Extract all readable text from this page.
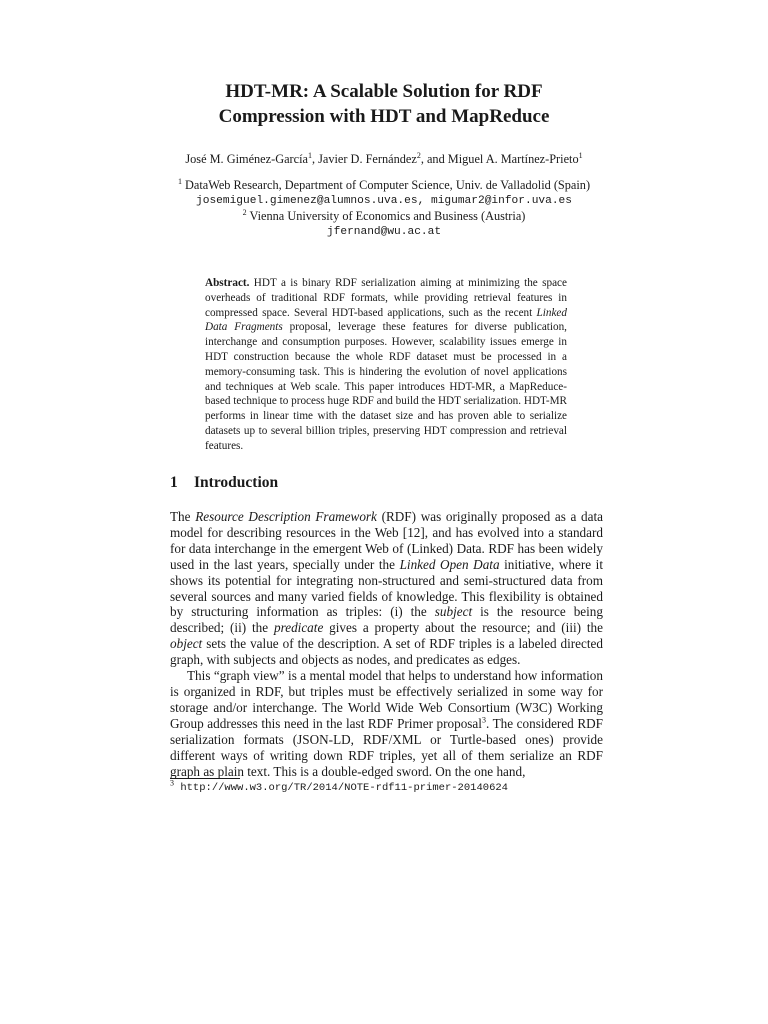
HDT-MR: A Scalable Solution for RDF
Compression with HDT and MapReduce
José M. Giménez-García$^1$, Javier D. Fernández$^2$, and Miguel A. Martínez-Prieto$^1$
$^1$ DataWeb Research, Department of Computer Science, Univ. de Valladolid (Spain)
josemiguel.gimenez@alumnos.uva.es, migumar2@infor.uva.es
$^2$ Vienna University of Economics and Business (Austria)
jfernand@wu.ac.at
Abstract. HDT a is binary RDF serialization aiming at minimizing the space overheads of traditional RDF formats, while providing retrieval features in compressed space. Several HDT-based applications, such as the recent Linked Data Fragments proposal, leverage these features for diverse publication, interchange and consumption purposes. However, scalability issues emerge in HDT construction because the whole RDF dataset must be processed in a memory-consuming task. This is hindering the evolution of novel applications and techniques at Web scale. This paper introduces HDT-MR, a MapReduce-based technique to process huge RDF and build the HDT serialization. HDT-MR performs in linear time with the dataset size and has proven able to serialize datasets up to several billion triples, preserving HDT compression and retrieval features.
1 Introduction

The Resource Description Framework (RDF) was originally proposed as a data model for describing resources in the Web [12], and has evolved into a standard for data interchange in the emergent Web of (Linked) Data. RDF has been widely used in the last years, specially under the Linked Open Data initiative, where it shows its potential for integrating non-structured and semi-structured data from several sources and many varied fields of knowledge. This flexibility is obtained by structuring information as triples: (i) the subject is the resource being described; (ii) the predicate gives a property about the resource; and (iii) the object sets the value of the description. A set of RDF triples is a labeled directed graph, with subjects and objects as nodes, and predicates as edges.

This “graph view” is a mental model that helps to understand how information is organized in RDF, but triples must be effectively serialized in some way for storage and/or interchange. The World Wide Web Consortium (W3C) Working Group addresses this need in the last RDF Primer proposal$^3$. The considered RDF serialization formats (JSON-LD, RDF/XML or Turtle-based ones) provide different ways of writing down RDF triples, yet all of them serialize an RDF graph as plain text. This is a double-edged sword. On the one hand,

$^3$ http://www.w3.org/TR/2014/NOTE-rdf11-primer-20140624
